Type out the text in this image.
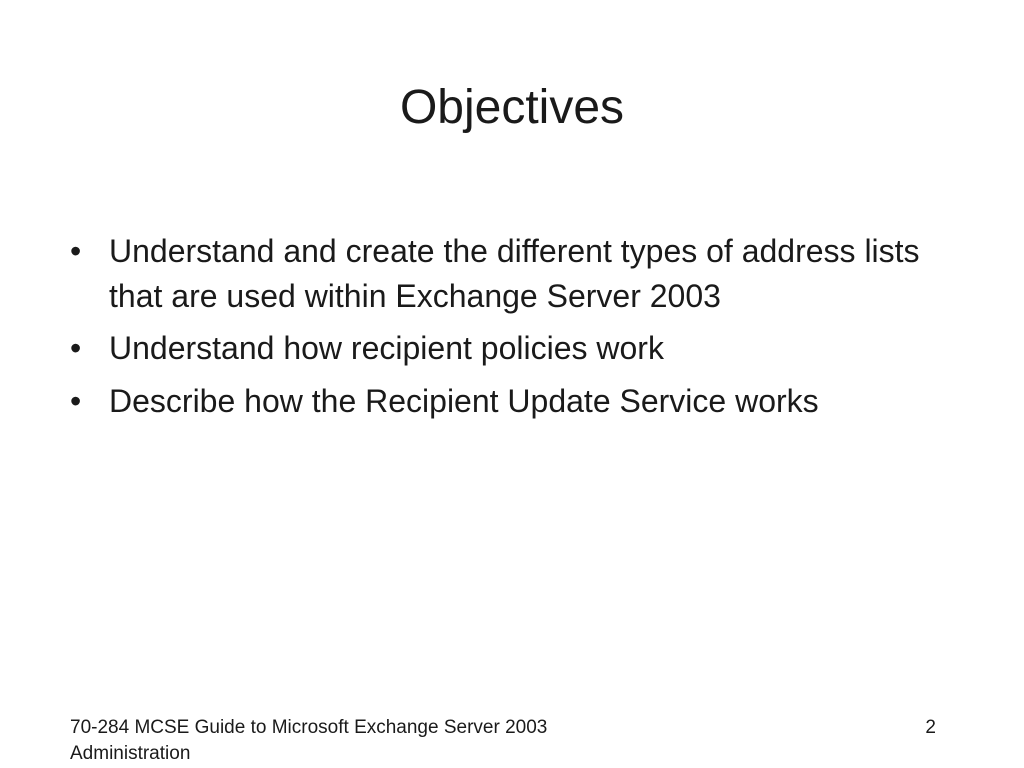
Objectives
• Understand and create the different types of address lists that are used within Exchange Server 2003
• Understand how recipient policies work
• Describe how the Recipient Update Service works
70-284 MCSE Guide to Microsoft Exchange Server 2003
Administration
2
